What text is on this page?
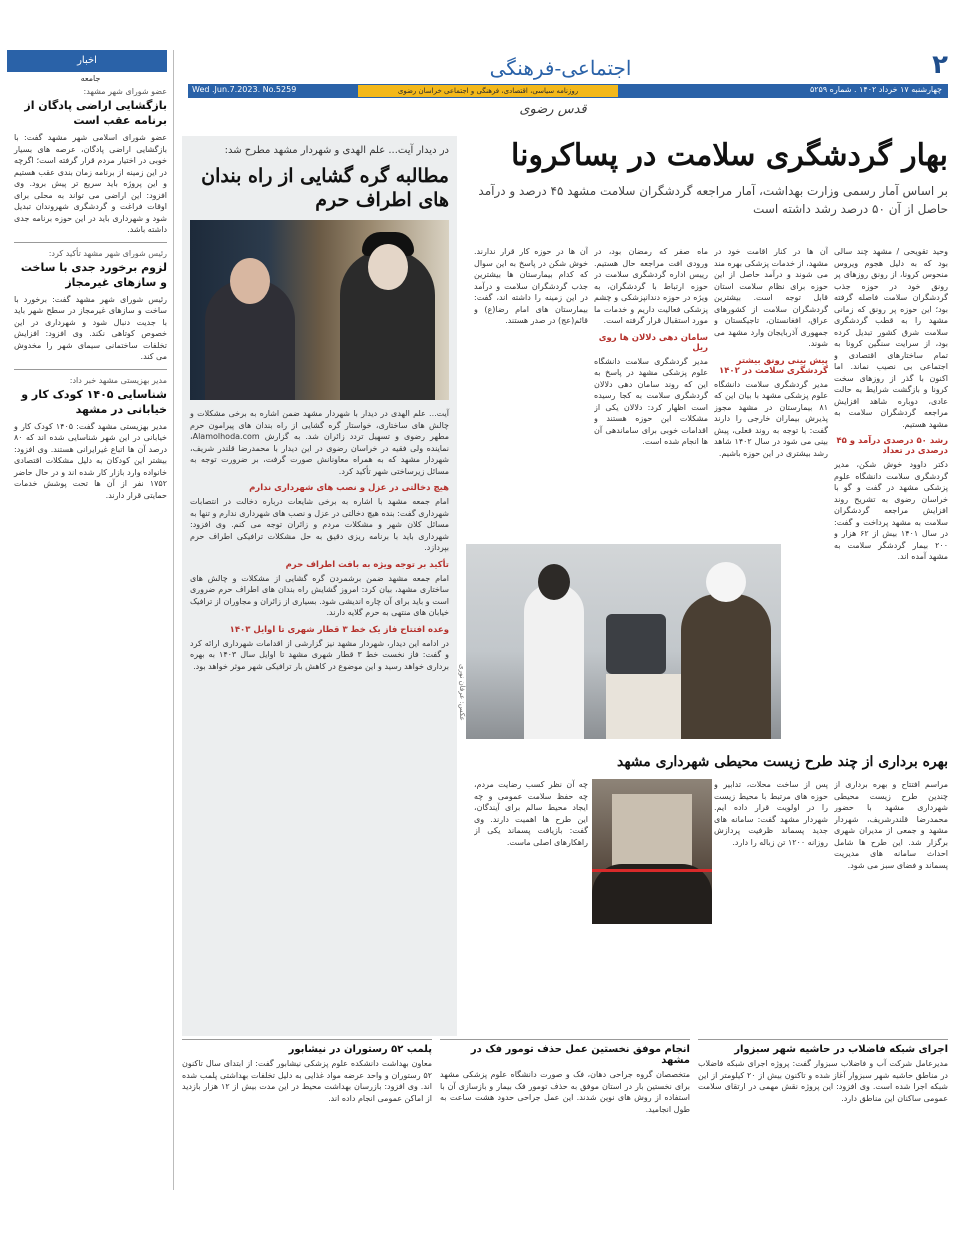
۲
اجتماعی-فرهنگی
چهارشنبه ۱۷ خرداد ۱۴۰۲ . شماره ۵۲۵۹
روزنامه سیاسی، اقتصادی، فرهنگی و اجتماعی خراسان رضوی
Wed .Jun.7.2023. No.5259
قدس رضوی
اخبار
جامعه
عضو شورای شهر مشهد:
بازگشایی اراضی پادگان از برنامه عقب است
عضو شورای اسلامی شهر مشهد گفت: با بازگشایی اراضی پادگان، عرصه های بسیار خوبی در اختیار مردم قرار گرفته است؛ اگرچه در این زمینه از برنامه زمان بندی عقب هستیم و این پروژه باید سریع تر پیش برود. وی افزود: این اراضی می تواند به محلی برای اوقات فراغت و گردشگری شهروندان تبدیل شود و شهرداری باید در این حوزه برنامه جدی داشته باشد.
رئیس شورای شهر مشهد تأکید کرد:
لزوم برخورد جدی با ساخت و سازهای غیرمجاز
رئیس شورای شهر مشهد گفت: برخورد با ساخت و سازهای غیرمجاز در سطح شهر باید با جدیت دنبال شود و شهرداری در این خصوص کوتاهی نکند. وی افزود: افزایش تخلفات ساختمانی سیمای شهر را مخدوش می کند.
مدیر بهزیستی مشهد خبر داد:
شناسایی ۱۴۰۵ کودک کار و خیابانی در مشهد
مدیر بهزیستی مشهد گفت: ۱۴۰۵ کودک کار و خیابانی در این شهر شناسایی شده اند که ۸۰ درصد آن ها اتباع غیرایرانی هستند. وی افزود: بیشتر این کودکان به دلیل مشکلات اقتصادی خانواده وارد بازار کار شده اند و در حال حاضر ۱۷۵۲ نفر از آن ها تحت پوشش خدمات حمایتی قرار دارند.
در دیدار آیت... علم الهدی و شهردار مشهد مطرح شد:
مطالبه گره گشایی از راه بندان های اطراف حرم
آیت... علم الهدی در دیدار با شهردار مشهد ضمن اشاره به برخی مشکلات و چالش های ساختاری، خواستار گره گشایی از راه بندان های پیرامون حرم مطهر رضوی و تسهیل تردد زائران شد. به گزارش Alamolhoda.com، نماینده ولی فقیه در خراسان رضوی در این دیدار با محمدرضا قلندر شریف، شهردار مشهد که به همراه معاونانش صورت گرفت، بر ضرورت توجه به مسائل زیرساختی شهر تأکید کرد.
هیچ دخالتی در عزل و نصب های شهرداری ندارم
امام جمعه مشهد با اشاره به برخی شایعات درباره دخالت در انتصابات شهرداری گفت: بنده هیچ دخالتی در عزل و نصب های شهرداری ندارم و تنها به مسائل کلان شهر و مشکلات مردم و زائران توجه می کنم. وی افزود: شهرداری باید با برنامه ریزی دقیق به حل مشکلات ترافیکی اطراف حرم بپردازد.
تأکید بر توجه ویژه به بافت اطراف حرم
امام جمعه مشهد ضمن برشمردن گره گشایی از مشکلات و چالش های ساختاری مشهد، بیان کرد: امروز گشایش راه بندان های اطراف حرم ضروری است و باید برای آن چاره اندیشی شود. بسیاری از زائران و مجاوران از ترافیک خیابان های منتهی به حرم گلایه دارند.
وعده افتتاح فاز یک خط ۳ قطار شهری تا اوایل ۱۴۰۳
در ادامه این دیدار، شهردار مشهد نیز گزارشی از اقدامات شهرداری ارائه کرد و گفت: فاز نخست خط ۳ قطار شهری مشهد تا اوایل سال ۱۴۰۳ به بهره برداری خواهد رسید و این موضوع در کاهش بار ترافیکی شهر موثر خواهد بود.
بهار گردشگری سلامت در پساکرونا
بر اساس آمار رسمی وزارت بهداشت، آمار مراجعه گردشگران سلامت مشهد ۴۵ درصد و درآمد حاصل از آن ۵۰ درصد رشد داشته است
وحید تقویحی / مشهد چند سالی بود که به دلیل هجوم ویروس منحوس کرونا، از رونق روزهای پر رونق خود در حوزه جذب گردشگران سلامت فاصله گرفته بود؛ این حوزه پر رونق که زمانی مشهد را به قطب گردشگری سلامت شرق کشور تبدیل کرده بود، از سرایت سنگین کرونا به تمام ساختارهای اقتصادی و اجتماعی بی نصیب نماند. اما اکنون با گذر از روزهای سخت کرونا و بازگشت شرایط به حالت عادی، دوباره شاهد افزایش مراجعه گردشگران سلامت به مشهد هستیم.
رشد ۵۰ درصدی درآمد و ۴۵ درصدی در تعداد
دکتر داوود خوش شکن، مدیر گردشگری سلامت دانشگاه علوم پزشکی مشهد در گفت و گو با خراسان رضوی به تشریح روند افزایش مراجعه گردشگران سلامت به مشهد پرداخت و گفت: در سال ۱۴۰۱ بیش از ۶۲ هزار و ۲۰۰ بیمار گردشگر سلامت به مشهد آمده اند.
آن ها در کنار اقامت خود در مشهد، از خدمات پزشکی بهره مند می شوند و درآمد حاصل از این حوزه برای نظام سلامت استان قابل توجه است. بیشترین گردشگران سلامت از کشورهای عراق، افغانستان، تاجیکستان و جمهوری آذربایجان وارد مشهد می شوند.
پیش بینی رونق بیشتر گردشگری سلامت در ۱۴۰۲
مدیر گردشگری سلامت دانشگاه علوم پزشکی مشهد با بیان این که ۸۱ بیمارستان در مشهد مجوز پذیرش بیماران خارجی را دارند گفت: با توجه به روند فعلی، پیش بینی می شود در سال ۱۴۰۲ شاهد رشد بیشتری در این حوزه باشیم.
ماه صفر که رمضان بود، در ورودی افت مراجعه حال هستیم. رییس اداره گردشگری سلامت در حوزه ارتباط با گردشگران، به ویژه در حوزه دندانپزشکی و چشم پزشکی فعالیت داریم و خدمات ما مورد استقبال قرار گرفته است.
سامان دهی دلالان ها روی ریل
مدیر گردشگری سلامت دانشگاه علوم پزشکی مشهد در پاسخ به این که روند سامان دهی دلالان گردشگری سلامت به کجا رسیده است اظهار کرد: دلالان یکی از مشکلات این حوزه هستند و اقدامات خوبی برای ساماندهی آن ها انجام شده است.
آن ها در حوزه کار قرار ندارند. خوش شکن در پاسخ به این سوال که کدام بیمارستان ها بیشترین جذب گردشگران سلامت و درآمد در این زمینه را داشته اند، گفت: بیمارستان های امام رضا(ع) و قائم(عج) در صدر هستند.
عکس: عرفان نوری
بهره برداری از چند طرح زیست محیطی شهرداری مشهد
مراسم افتتاح و بهره برداری از چندین طرح زیست محیطی شهرداری مشهد با حضور محمدرضا قلندرشریف، شهردار مشهد و جمعی از مدیران شهری برگزار شد. این طرح ها شامل احداث سامانه های مدیریت پسماند و فضای سبز می شود.
پس از ساخت محلات، تدابیر و حوزه های مرتبط با محیط زیست را در اولویت قرار داده ایم. شهردار مشهد گفت: سامانه های جدید پسماند ظرفیت پردازش روزانه ۱۲۰۰ تن زباله را دارد.
چه آن نظر کسب رضایت مردم، چه حفظ سلامت عمومی و چه ایجاد محیط سالم برای آیندگان، این طرح ها اهمیت دارند. وی گفت: بازیافت پسماند یکی از راهکارهای اصلی ماست.
اجرای شبکه فاضلاب در حاشیه شهر سبزوار
مدیرعامل شرکت آب و فاضلاب سبزوار گفت: پروژه اجرای شبکه فاضلاب در مناطق حاشیه شهر سبزوار آغاز شده و تاکنون بیش از ۲۰ کیلومتر از این شبکه اجرا شده است. وی افزود: این پروژه نقش مهمی در ارتقای سلامت عمومی ساکنان این مناطق دارد.
انجام موفق نخستین عمل حذف تومور فک در مشهد
متخصصان گروه جراحی دهان، فک و صورت دانشگاه علوم پزشکی مشهد برای نخستین بار در استان موفق به حذف تومور فک بیمار و بازسازی آن با استفاده از روش های نوین شدند. این عمل جراحی حدود هشت ساعت به طول انجامید.
پلمب ۵۲ رستوران در نیشابور
معاون بهداشت دانشکده علوم پزشکی نیشابور گفت: از ابتدای سال تاکنون ۵۲ رستوران و واحد عرضه مواد غذایی به دلیل تخلفات بهداشتی پلمب شده اند. وی افزود: بازرسان بهداشت محیط در این مدت بیش از ۱۲ هزار بازدید از اماکن عمومی انجام داده اند.
